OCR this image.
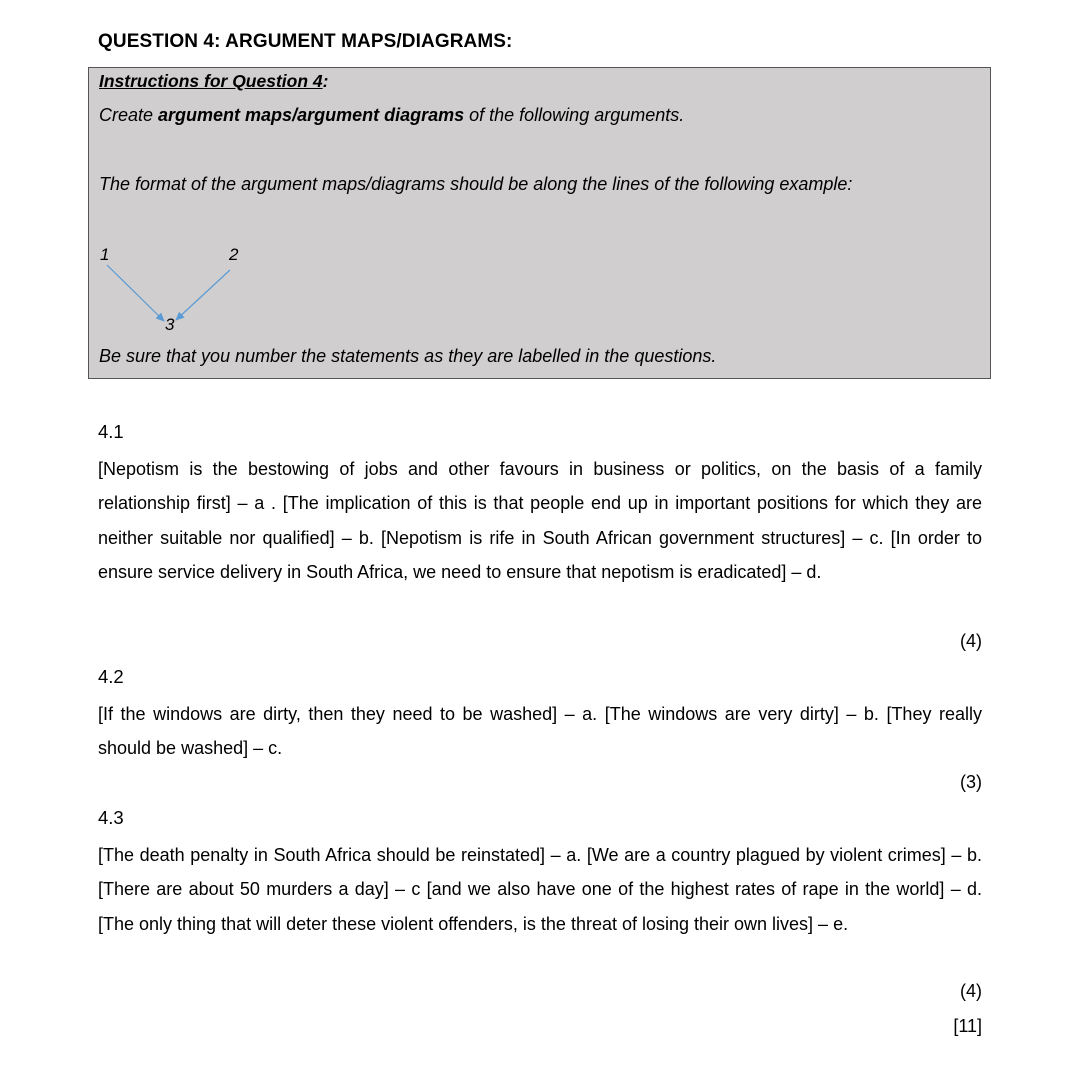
QUESTION 4: ARGUMENT MAPS/DIAGRAMS:
Instructions for Question 4:
Create argument maps/argument diagrams of the following arguments.
The format of the argument maps/diagrams should be along the lines of the following example:
1	2
3
Be sure that you number the statements as they are labelled in the questions.
4.1
[Nepotism is the bestowing of jobs and other favours in business or politics, on the basis of a family relationship first] – a . [The implication of this is that people end up in important positions for which they are neither suitable nor qualified] – b. [Nepotism is rife in South African government structures] – c. [In order to ensure service delivery in South Africa, we need to ensure that nepotism is eradicated] – d.
(4)
4.2
[If the windows are dirty, then they need to be washed] – a. [The windows are very dirty] – b. [They really should be washed] – c.
(3)
4.3
[The death penalty in South Africa should be reinstated] – a. [We are a country plagued by violent crimes] – b. [There are about 50 murders a day] – c [and we also have one of the highest rates of rape in the world] – d. [The only thing that will deter these violent offenders, is the threat of losing their own lives] – e.
(4)
[11]
